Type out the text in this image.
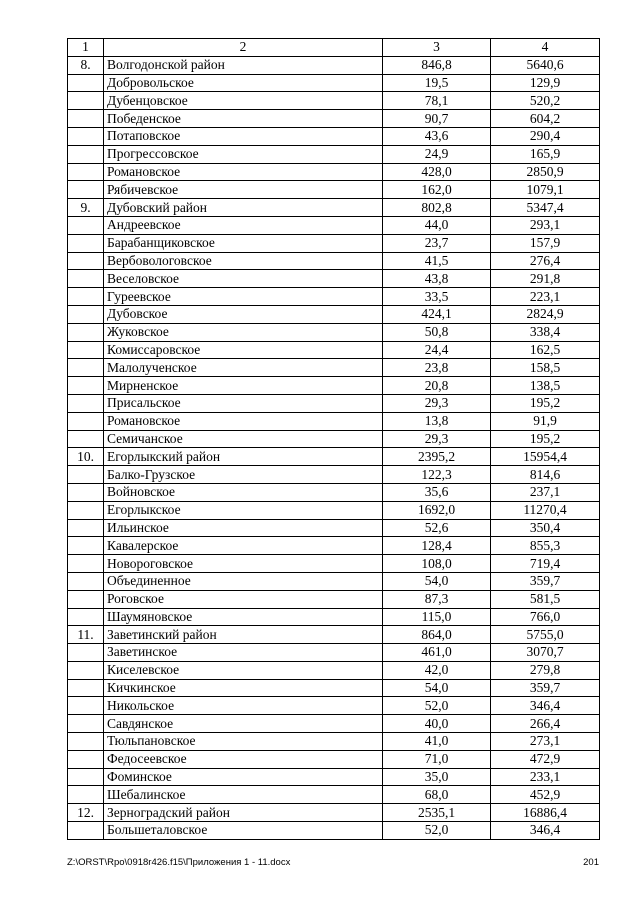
1	2	3	4
8.	Волгодонской район	846,8	5640,6
	Добровольское	19,5	129,9
	Дубенцовское	78,1	520,2
	Победенское	90,7	604,2
	Потаповское	43,6	290,4
	Прогрессовское	24,9	165,9
	Романовское	428,0	2850,9
	Рябичевское	162,0	1079,1
9.	Дубовский район	802,8	5347,4
	Андреевское	44,0	293,1
	Барабанщиковское	23,7	157,9
	Вербовологовское	41,5	276,4
	Веселовское	43,8	291,8
	Гуреевское	33,5	223,1
	Дубовское	424,1	2824,9
	Жуковское	50,8	338,4
	Комиссаровское	24,4	162,5
	Малолученское	23,8	158,5
	Мирненское	20,8	138,5
	Присальское	29,3	195,2
	Романовское	13,8	91,9
	Семичанское	29,3	195,2
10.	Егорлыкский район	2395,2	15954,4
	Балко-Грузское	122,3	814,6
	Войновское	35,6	237,1
	Егорлыкское	1692,0	11270,4
	Ильинское	52,6	350,4
	Кавалерское	128,4	855,3
	Новороговское	108,0	719,4
	Объединенное	54,0	359,7
	Роговское	87,3	581,5
	Шаумяновское	115,0	766,0
11.	Заветинский район	864,0	5755,0
	Заветинское	461,0	3070,7
	Киселевское	42,0	279,8
	Кичкинское	54,0	359,7
	Никольское	52,0	346,4
	Савдянское	40,0	266,4
	Тюльпановское	41,0	273,1
	Федосеевское	71,0	472,9
	Фоминское	35,0	233,1
	Шебалинское	68,0	452,9
12.	Зерноградский район	2535,1	16886,4
	Большеталовское	52,0	346,4
Z:\ORST\Rpo\0918r426.f15\Приложения 1 - 11.docx	201
